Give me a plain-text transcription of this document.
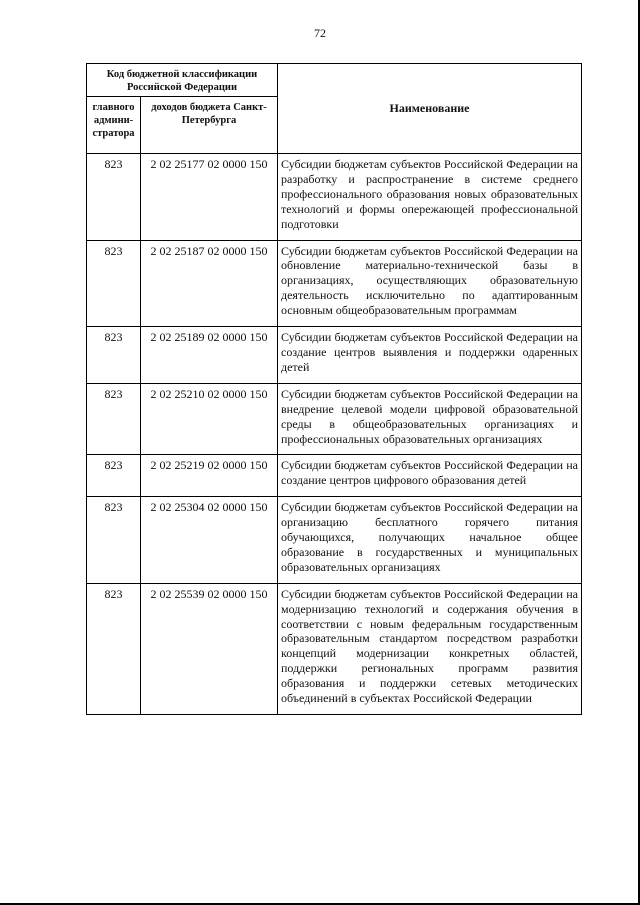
72
Код бюджетной классификации Российской Федерации		Наименование
главного админи-стратора	доходов бюджета Санкт-Петербурга	
823	2 02 25177 02 0000 150	Субсидии бюджетам субъектов Российской Федерации на разработку и распространение в системе среднего профессионального образования новых образовательных технологий и формы опережающей профессиональной подготовки
823	2 02 25187 02 0000 150	Субсидии бюджетам субъектов Российской Федерации на обновление материально-технической базы в организациях, осуществляющих образовательную деятельность исключительно по адаптированным основным общеобразовательным программам
823	2 02 25189 02 0000 150	Субсидии бюджетам субъектов Российской Федерации на создание центров выявления и поддержки одаренных детей
823	2 02 25210 02 0000 150	Субсидии бюджетам субъектов Российской Федерации на внедрение целевой модели цифровой образовательной среды в общеобразовательных организациях и профессиональных образовательных организациях
823	2 02 25219 02 0000 150	Субсидии бюджетам субъектов Российской Федерации на создание центров цифрового образования детей
823	2 02 25304 02 0000 150	Субсидии бюджетам субъектов Российской Федерации на организацию бесплатного горячего питания обучающихся, получающих начальное общее образование в государственных и муниципальных образовательных организациях
823	2 02 25539 02 0000 150	Субсидии бюджетам субъектов Российской Федерации на модернизацию технологий и содержания обучения в соответствии с новым федеральным государственным образовательным стандартом посредством разработки концепций модернизации конкретных областей, поддержки региональных программ развития образования и поддержки сетевых методических объединений в субъектах Российской Федерации
